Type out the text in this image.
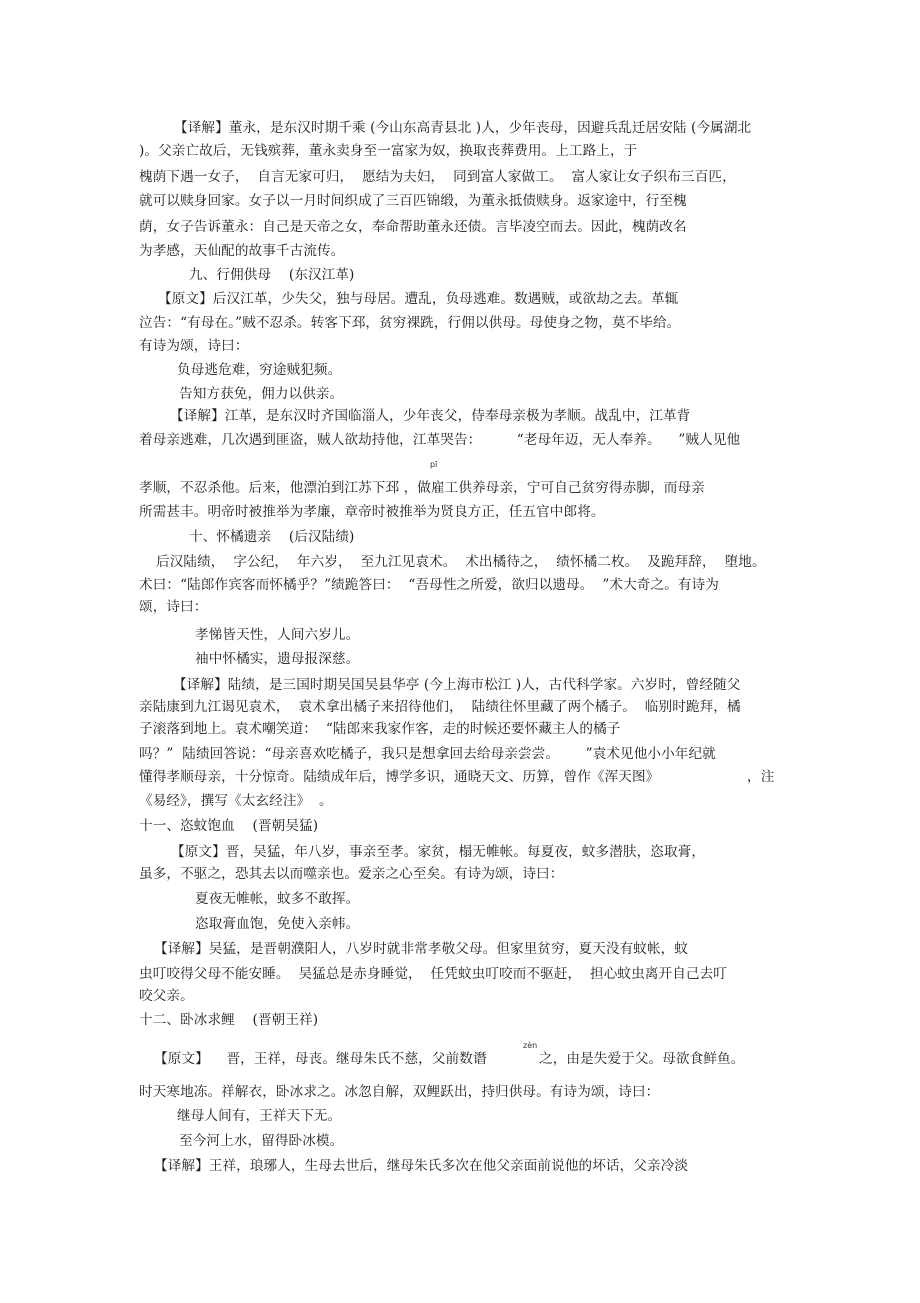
【译解】董永，是东汉时期千乘 (今山东高青县北 )人，少年丧母，因避兵乱迁居安陆 (今属湖北
)。父亲亡故后，无钱殡葬，董永卖身至一富家为奴，换取丧葬费用。上工路上，于
槐荫下遇一女子，  自言无家可归，  愿结为夫妇，  同到富人家做工。  富人家让女子织布三百匹，
就可以赎身回家。女子以一月时间织成了三百匹锦缎，为董永抵债赎身。返家途中，行至槐
荫，女子告诉董永：自己是天帝之女，奉命帮助董永还债。言毕凌空而去。因此，槐荫改名
为孝感，天仙配的故事千古流传。
九、行佣供母    (东汉江革)
【原文】后汉江革，少失父，独与母居。遭乱，负母逃难。数遇贼，或欲劫之去。革辄
泣告：“有母在。”贼不忍杀。转客下邳，贫穷裸跣，行佣以供母。母使身之物，莫不毕给。
有诗为颂，诗曰：
负母逃危难，穷途贼犯频。
告知方获免，佣力以供亲。
【译解】江革，是东汉时齐国临淄人，少年丧父，侍奉母亲极为孝顺。战乱中，江革背
着母亲逃难，几次遇到匪盗，贼人欲劫持他，江革哭告：        “老母年迈，无人奉养。    ”贼人见他
pī
孝顺，不忍杀他。后来，他漂泊到江苏下邳 ，做雇工供养母亲，宁可自己贫穷得赤脚，而母亲
所需甚丰。明帝时被推举为孝廉，章帝时被推举为贤良方正，任五官中郎将。
十、怀橘遗亲    (后汉陆绩)
后汉陆绩，  字公纪，  年六岁，  至九江见袁术。  术出橘待之，  绩怀橘二枚。  及跪拜辞，  堕地。
术曰：“陆郎作宾客而怀橘乎？”绩跪答曰：  “吾母性之所爱，欲归以遗母。  ”术大奇之。有诗为
颂，诗曰：
孝悌皆天性，人间六岁儿。
袖中怀橘实，遗母报深慈。
【译解】陆绩，是三国时期吴国吴县华亭 (今上海市松江 )人，古代科学家。六岁时，曾经随父
亲陆康到九江谒见袁术，  袁术拿出橘子来招待他们，  陆绩往怀里藏了两个橘子。  临别时跪拜，橘
子滚落到地上。袁术嘲笑道：  “陆郎来我家作客，走的时候还要怀藏主人的橘子
吗？”  陆绩回答说：“母亲喜欢吃橘子，我只是想拿回去给母亲尝尝。      ”袁术见他小小年纪就
懂得孝顺母亲，十分惊奇。陆绩成年后，博学多识，通晓天文、历算，曾作《浑天图》	，注
《易经》，撰写《太玄经注》  。
十一、恣蚊饱血    (晋朝吴猛)
【原文】晋，吴猛，年八岁，事亲至孝。家贫，榻无帷帐。每夏夜，蚊多潜肤，恣取膏，
虽多，不驱之，恐其去以而噬亲也。爱亲之心至矣。有诗为颂，诗曰：
夏夜无帷帐，蚊多不敢挥。
恣取膏血饱，免使入亲帏。
【译解】吴猛，是晋朝濮阳人，八岁时就非常孝敬父母。但家里贫穷，夏天没有蚊帐，蚊
虫叮咬得父母不能安睡。  吴猛总是赤身睡觉，  任凭蚊虫叮咬而不驱赶，  担心蚊虫离开自己去叮
咬父亲。
十二、卧冰求鲤    (晋朝王祥)
zèn
【原文】    晋，王祥，母丧。继母朱氏不慈，父前数谮	之，由是失爱于父。母欲食鲜鱼。
时天寒地冻。祥解衣，卧冰求之。冰忽自解，双鲤跃出，持归供母。有诗为颂，诗曰：
继母人间有，王祥天下无。
至今河上水，留得卧冰模。
【译解】王祥，琅琊人，生母去世后，继母朱氏多次在他父亲面前说他的坏话，父亲冷淡
